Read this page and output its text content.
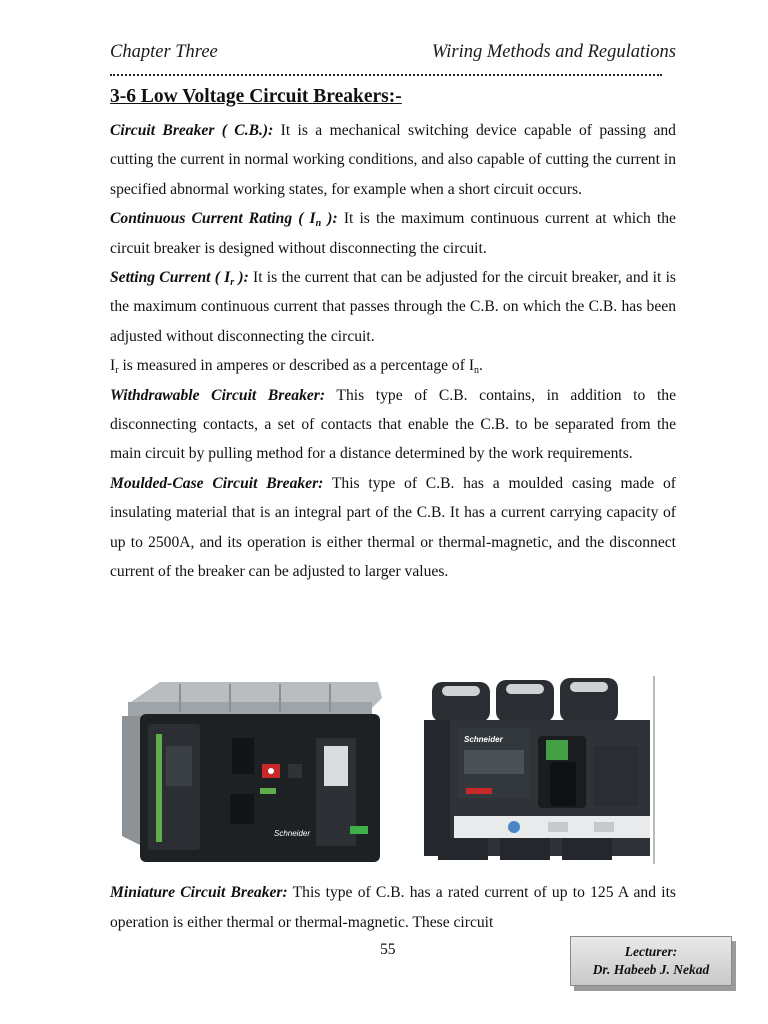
Chapter Three	Wiring Methods and Regulations
3-6 Low Voltage Circuit Breakers:-

Circuit Breaker ( C.B.): It is a mechanical switching device capable of passing and cutting the current in normal working conditions, and also capable of cutting the current in specified abnormal working states, for example when a short circuit occurs.

Continuous Current Rating ( $I_n$ ): It is the maximum continuous current at which the circuit breaker is designed without disconnecting the circuit.

Setting Current ( $I_r$ ): It is the current that can be adjusted for the circuit breaker, and it is the maximum continuous current that passes through the C.B. on which the C.B. has been adjusted without disconnecting the circuit.

$I_r$ is measured in amperes or described as a percentage of $I_n$.

Withdrawable Circuit Breaker: This type of C.B. contains, in addition to the disconnecting contacts, a set of contacts that enable the C.B. to be separated from the main circuit by pulling method for a distance determined by the work requirements.

Moulded-Case Circuit Breaker: This type of C.B. has a moulded casing made of insulating material that is an integral part of the C.B. It has a current carrying capacity of up to 2500A, and its operation is either thermal or thermal-magnetic, and the disconnect current of the breaker can be adjusted to larger values.

Schneider
Schneider

Miniature Circuit Breaker: This type of C.B. has a rated current of up to 125 A and its operation is either thermal or thermal-magnetic. These circuit

55	Lecturer:
Dr. Habeeb J. Nekad
